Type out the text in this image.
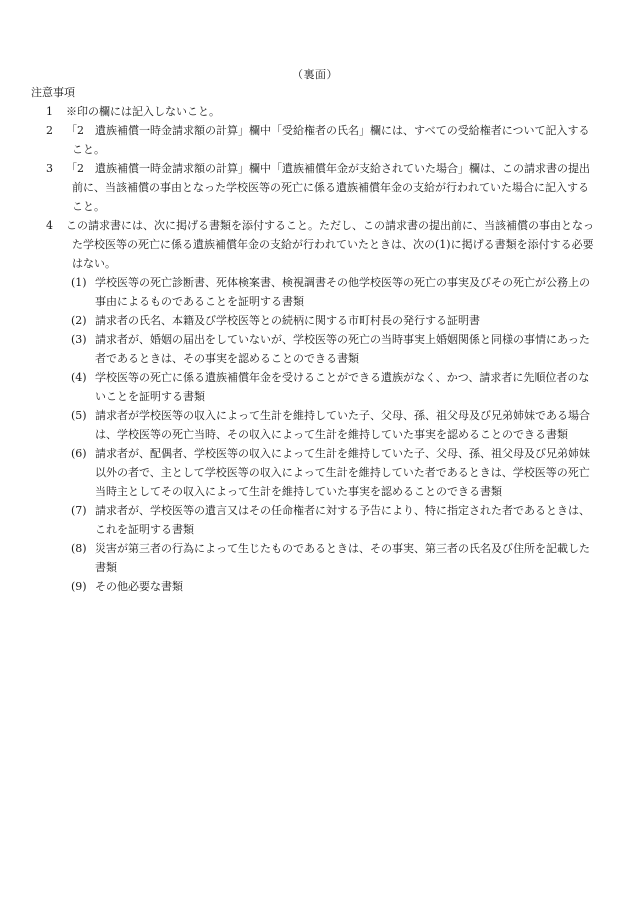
（裏面）
注意事項

1 ※印の欄には記入しないこと。

2 「2　遺族補償一時金請求額の計算」欄中「受給権者の氏名」欄には、すべての受給権者について記入すること。

3 「2　遺族補償一時金請求額の計算」欄中「遺族補償年金が支給されていた場合」欄は、この請求書の提出前に、当該補償の事由となった学校医等の死亡に係る遺族補償年金の支給が行われていた場合に記入すること。

4 この請求書には、次に掲げる書類を添付すること。ただし、この請求書の提出前に、当該補償の事由となった学校医等の死亡に係る遺族補償年金の支給が行われていたときは、次の(1)に掲げる書類を添付する必要はない。

(1) 学校医等の死亡診断書、死体検案書、検視調書その他学校医等の死亡の事実及びその死亡が公務上の事由によるものであることを証明する書類

(2) 請求者の氏名、本籍及び学校医等との続柄に関する市町村長の発行する証明書

(3) 請求者が、婚姻の届出をしていないが、学校医等の死亡の当時事実上婚姻関係と同様の事情にあった者であるときは、その事実を認めることのできる書類

(4) 学校医等の死亡に係る遺族補償年金を受けることができる遺族がなく、かつ、請求者に先順位者のないことを証明する書類

(5) 請求者が学校医等の収入によって生計を維持していた子、父母、孫、祖父母及び兄弟姉妹である場合は、学校医等の死亡当時、その収入によって生計を維持していた事実を認めることのできる書類

(6) 請求者が、配偶者、学校医等の収入によって生計を維持していた子、父母、孫、祖父母及び兄弟姉妹以外の者で、主として学校医等の収入によって生計を維持していた者であるときは、学校医等の死亡当時主としてその収入によって生計を維持していた事実を認めることのできる書類

(7) 請求者が、学校医等の遺言又はその任命権者に対する予告により、特に指定された者であるときは、これを証明する書類

(8) 災害が第三者の行為によって生じたものであるときは、その事実、第三者の氏名及び住所を記載した書類

(9) その他必要な書類
